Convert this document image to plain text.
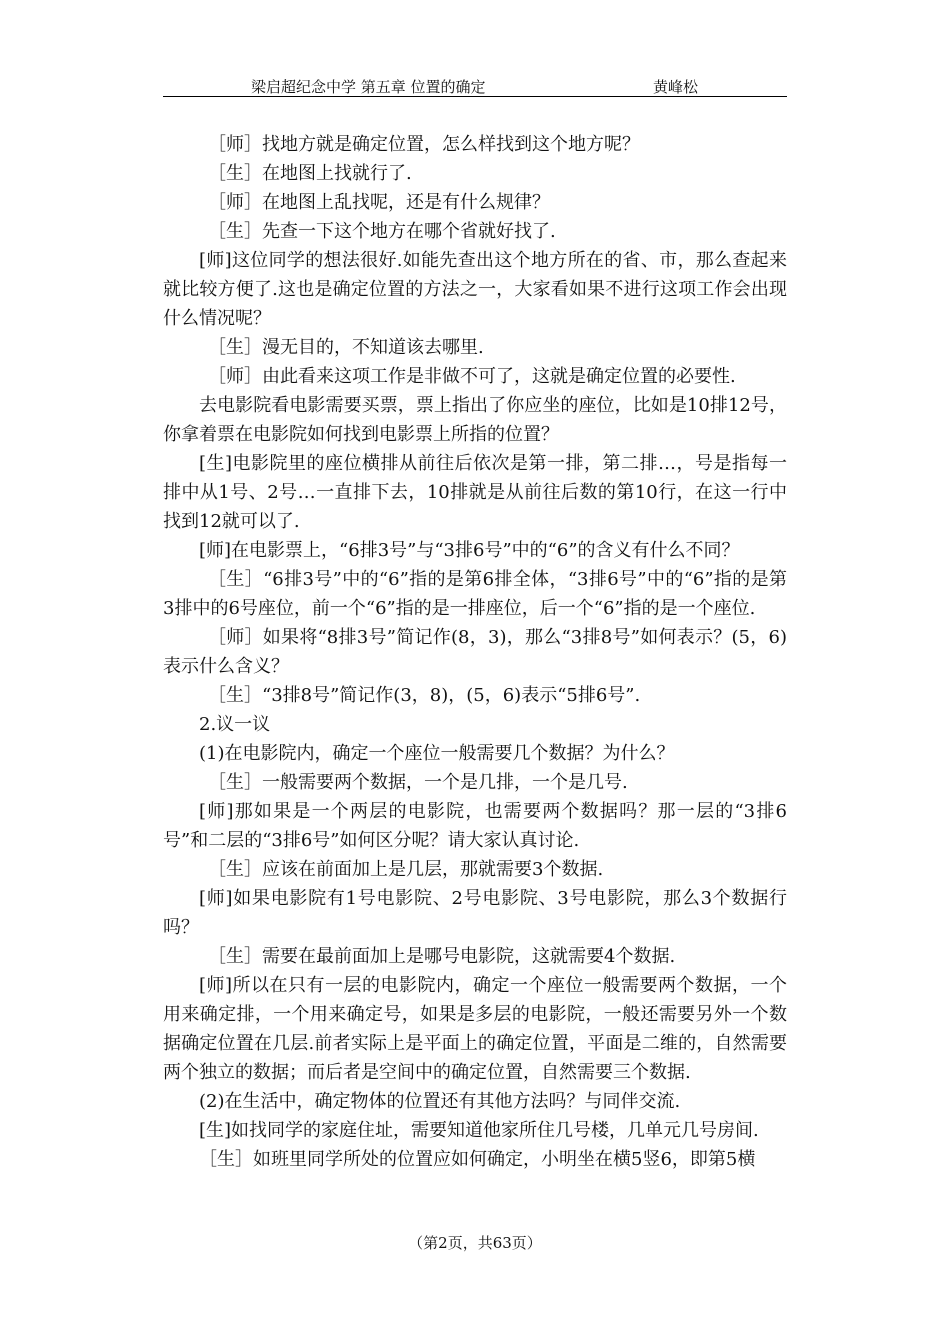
梁启超纪念中学 第五章 位置的确定	黄峰松

［师］找地方就是确定位置，怎么样找到这个地方呢？

［生］在地图上找就行了.

［师］在地图上乱找呢，还是有什么规律？

［生］先查一下这个地方在哪个省就好找了.

[师]这位同学的想法很好.如能先查出这个地方所在的省、市，那么查起来就比较方便了.这也是确定位置的方法之一，大家看如果不进行这项工作会出现什么情况呢？

［生］漫无目的，不知道该去哪里.

［师］由此看来这项工作是非做不可了，这就是确定位置的必要性.

去电影院看电影需要买票，票上指出了你应坐的座位，比如是10排12号，你拿着票在电影院如何找到电影票上所指的位置？

[生]电影院里的座位横排从前往后依次是第一排，第二排…，号是指每一排中从1号、2号…一直排下去，10排就是从前往后数的第10行，在这一行中找到12就可以了.

[师]在电影票上，“6排3号”与“3排6号”中的“6”的含义有什么不同？

［生］“6排3号”中的“6”指的是第6排全体，“3排6号”中的“6”指的是第3排中的6号座位，前一个“6”指的是一排座位，后一个“6”指的是一个座位.

［师］如果将“8排3号”简记作(8，3)，那么“3排8号”如何表示？(5，6)表示什么含义？

［生］“3排8号”简记作(3，8)，(5，6)表示“5排6号”.

2.议一议

(1)在电影院内，确定一个座位一般需要几个数据？为什么？

［生］一般需要两个数据，一个是几排，一个是几号.

[师]那如果是一个两层的电影院，也需要两个数据吗？那一层的“3排6号”和二层的“3排6号”如何区分呢？请大家认真讨论.

［生］应该在前面加上是几层，那就需要3个数据.

[师]如果电影院有1号电影院、2号电影院、3号电影院，那么3个数据行吗？

［生］需要在最前面加上是哪号电影院，这就需要4个数据.

[师]所以在只有一层的电影院内，确定一个座位一般需要两个数据，一个用来确定排，一个用来确定号，如果是多层的电影院，一般还需要另外一个数据确定位置在几层.前者实际上是平面上的确定位置，平面是二维的，自然需要两个独立的数据；而后者是空间中的确定位置，自然需要三个数据.

(2)在生活中，确定物体的位置还有其他方法吗？与同伴交流.

[生]如找同学的家庭住址，需要知道他家所住几号楼，几单元几号房间.

［生］如班里同学所处的位置应如何确定，小明坐在横5竖6，即第5横

（第2页，共63页）
